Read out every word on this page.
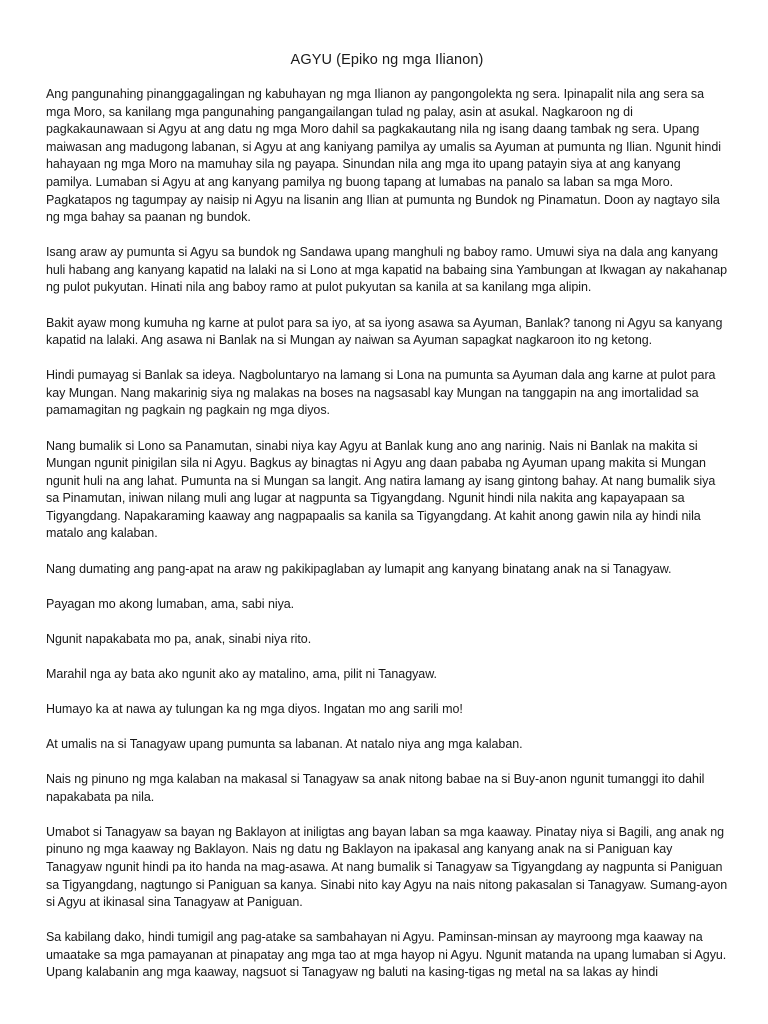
AGYU (Epiko ng mga Ilianon)

Ang pangunahing pinanggagalingan ng kabuhayan ng mga Ilianon ay pangongolekta ng sera. Ipinapalit nila ang sera sa mga Moro, sa kanilang mga pangunahing pangangailangan tulad ng palay, asin at asukal. Nagkaroon ng di pagkakaunawaan si Agyu at ang datu ng mga Moro dahil sa pagkakautang nila ng isang daang tambak ng sera. Upang maiwasan ang madugong labanan, si Agyu at ang kaniyang pamilya ay umalis sa Ayuman at pumunta ng Ilian. Ngunit hindi hahayaan ng mga Moro na mamuhay sila ng payapa. Sinundan nila ang mga ito upang patayin siya at ang kanyang pamilya. Lumaban si Agyu at ang kanyang pamilya ng buong tapang at lumabas na panalo sa laban sa mga Moro. Pagkatapos ng tagumpay ay naisip ni Agyu na lisanin ang Ilian at pumunta ng Bundok ng Pinamatun. Doon ay nagtayo sila ng mga bahay sa paanan ng bundok.

Isang araw ay pumunta si Agyu sa bundok ng Sandawa upang manghuli ng baboy ramo. Umuwi siya na dala ang kanyang huli habang ang kanyang kapatid na lalaki na si Lono at mga kapatid na babaing sina Yambungan at Ikwagan ay nakahanap ng pulot pukyutan. Hinati nila ang baboy ramo at pulot pukyutan sa kanila at sa kanilang mga alipin.

Bakit ayaw mong kumuha ng karne at pulot para sa iyo, at sa iyong asawa sa Ayuman, Banlak? tanong ni Agyu sa kanyang kapatid na lalaki. Ang asawa ni Banlak na si Mungan ay naiwan sa Ayuman sapagkat nagkaroon ito ng ketong.

Hindi pumayag si Banlak sa ideya. Nagboluntaryo na lamang si Lona na pumunta sa Ayuman dala ang karne at pulot para kay Mungan. Nang makarinig siya ng malakas na boses na nagsasabl kay Mungan na tanggapin na ang imortalidad sa pamamagitan ng pagkain ng pagkain ng mga diyos.

Nang bumalik si Lono sa Panamutan, sinabi niya kay Agyu at Banlak kung ano ang narinig. Nais ni Banlak na makita si Mungan ngunit pinigilan sila ni Agyu. Bagkus ay binagtas ni Agyu ang daan pababa ng Ayuman upang makita si Mungan ngunit huli na ang lahat. Pumunta na si Mungan sa langit. Ang natira lamang ay isang gintong bahay. At nang bumalik siya sa Pinamutan, iniwan nilang muli ang lugar at nagpunta sa Tigyangdang. Ngunit hindi nila nakita ang kapayapaan sa Tigyangdang. Napakaraming kaaway ang nagpapaalis sa kanila sa Tigyangdang. At kahit anong gawin nila ay hindi nila matalo ang kalaban.

Nang dumating ang pang-apat na araw ng pakikipaglaban ay lumapit ang kanyang binatang anak na si Tanagyaw.

Payagan mo akong lumaban, ama, sabi niya.

Ngunit napakabata mo pa, anak, sinabi niya rito.

Marahil nga ay bata ako ngunit ako ay matalino, ama, pilit ni Tanagyaw.

Humayo ka at nawa ay tulungan ka ng mga diyos. Ingatan mo ang sarili mo!

At umalis na si Tanagyaw upang pumunta sa labanan. At natalo niya ang mga kalaban.

Nais ng pinuno ng mga kalaban na makasal si Tanagyaw sa anak nitong babae na si Buy-anon ngunit tumanggi ito dahil napakabata pa nila.

Umabot si Tanagyaw sa bayan ng Baklayon at iniligtas ang bayan laban sa mga kaaway. Pinatay niya si Bagili, ang anak ng pinuno ng mga kaaway ng Baklayon. Nais ng datu ng Baklayon na ipakasal ang kanyang anak na si Paniguan kay Tanagyaw ngunit hindi pa ito handa na mag-asawa. At nang bumalik si Tanagyaw sa Tigyangdang ay nagpunta si Paniguan sa Tigyangdang, nagtungo si Paniguan sa kanya. Sinabi nito kay Agyu na nais nitong pakasalan si Tanagyaw. Sumang-ayon si Agyu at ikinasal sina Tanagyaw at Paniguan.

Sa kabilang dako, hindi tumigil ang pag-atake sa sambahayan ni Agyu. Paminsan-minsan ay mayroong mga kaaway na umaatake sa mga pamayanan at pinapatay ang mga tao at mga hayop ni Agyu. Ngunit matanda na upang lumaban si Agyu. Upang kalabanin ang mga kaaway, nagsuot si Tanagyaw ng baluti na kasing-tigas ng metal na sa lakas ay hindi
